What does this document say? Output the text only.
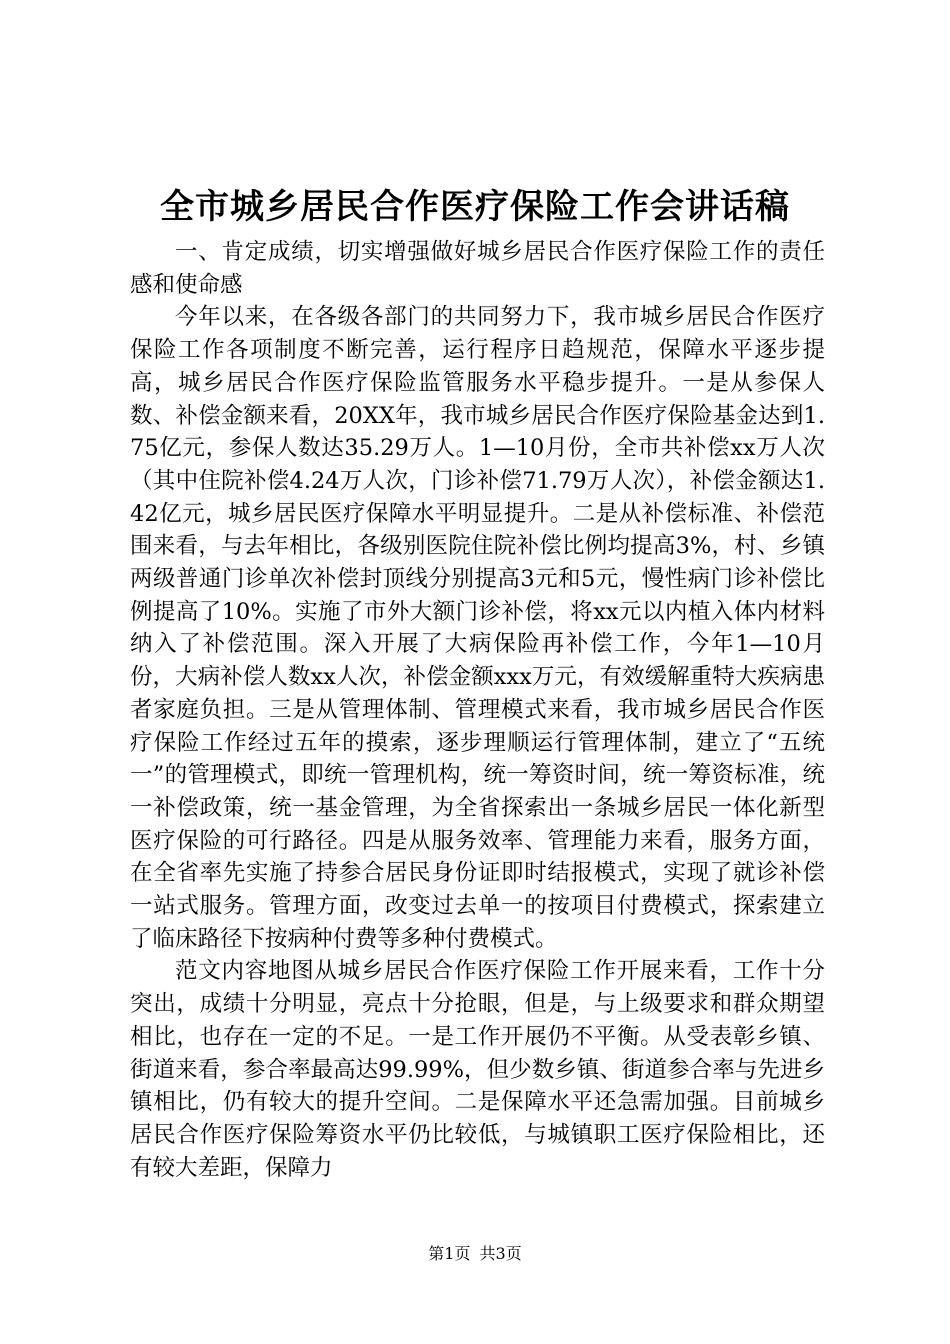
全市城乡居民合作医疗保险工作会讲话稿

一、肯定成绩，切实增强做好城乡居民合作医疗保险工作的责任感和使命感

今年以来，在各级各部门的共同努力下，我市城乡居民合作医疗保险工作各项制度不断完善，运行程序日趋规范，保障水平逐步提高，城乡居民合作医疗保险监管服务水平稳步提升。一是从参保人数、补偿金额来看，20XX年，我市城乡居民合作医疗保险基金达到1.75亿元，参保人数达35.29万人。1—10月份，全市共补偿xx万人次（其中住院补偿4.24万人次，门诊补偿71.79万人次），补偿金额达1.42亿元，城乡居民医疗保障水平明显提升。二是从补偿标准、补偿范围来看，与去年相比，各级别医院住院补偿比例均提高3%，村、乡镇两级普通门诊单次补偿封顶线分别提高3元和5元，慢性病门诊补偿比例提高了10%。实施了市外大额门诊补偿，将xx元以内植入体内材料纳入了补偿范围。深入开展了大病保险再补偿工作，今年1—10月份，大病补偿人数xx人次，补偿金额xxx万元，有效缓解重特大疾病患者家庭负担。三是从管理体制、管理模式来看，我市城乡居民合作医疗保险工作经过五年的摸索，逐步理顺运行管理体制，建立了“五统一”的管理模式，即统一管理机构，统一筹资时间，统一筹资标准，统一补偿政策，统一基金管理，为全省探索出一条城乡居民一体化新型医疗保险的可行路径。四是从服务效率、管理能力来看，服务方面，在全省率先实施了持参合居民身份证即时结报模式，实现了就诊补偿一站式服务。管理方面，改变过去单一的按项目付费模式，探索建立了临床路径下按病种付费等多种付费模式。

范文内容地图从城乡居民合作医疗保险工作开展来看，工作十分突出，成绩十分明显，亮点十分抢眼，但是，与上级要求和群众期望相比，也存在一定的不足。一是工作开展仍不平衡。从受表彰乡镇、街道来看，参合率最高达99.99%，但少数乡镇、街道参合率与先进乡镇相比，仍有较大的提升空间。二是保障水平还急需加强。目前城乡居民合作医疗保险筹资水平仍比较低，与城镇职工医疗保险相比，还有较大差距，保障力

第1页 共3页
